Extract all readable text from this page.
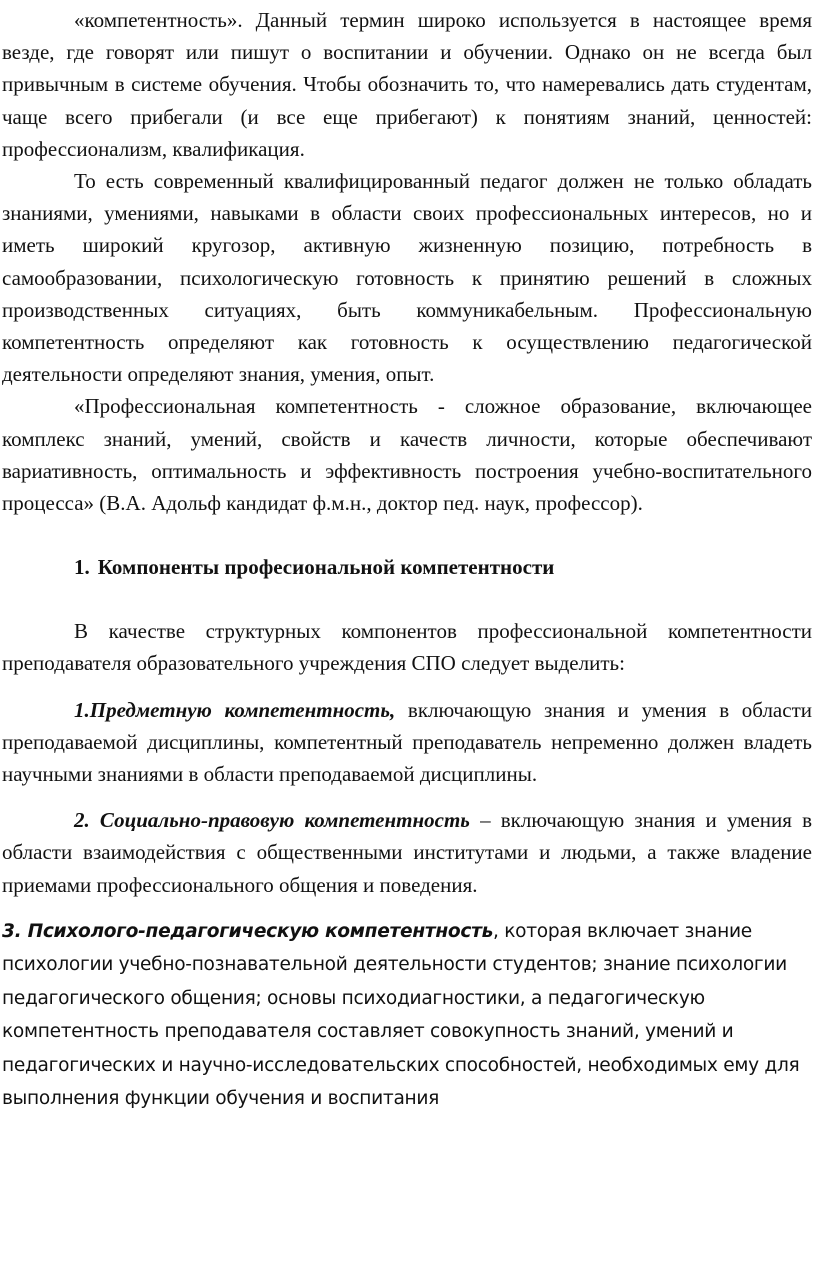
«компетентность». Данный термин широко используется в настоящее время везде, где говорят или пишут о воспитании и обучении. Однако он не всегда был привычным в системе обучения. Чтобы обозначить то, что намеревались дать студентам, чаще всего прибегали (и все еще прибегают) к понятиям знаний, ценностей: профессионализм, квалификация.

То есть современный квалифицированный педагог должен не только обладать знаниями, умениями, навыками в области своих профессиональных интересов, но и иметь широкий кругозор, активную жизненную позицию, потребность в самообразовании, психологическую готовность к принятию решений в сложных производственных ситуациях, быть коммуникабельным. Профессиональную компетентность определяют как готовность к осуществлению педагогической деятельности определяют знания, умения, опыт.

«Профессиональная компетентность - сложное образование, включающее комплекс знаний, умений, свойств и качеств личности, которые обеспечивают вариативность, оптимальность и эффективность построения учебно-воспитательного процесса» (В.А. Адольф кандидат ф.м.н., доктор пед. наук, профессор).

1. Компоненты професиональной компетентности

В качестве структурных компонентов профессиональной компетентности преподавателя образовательного учреждения СПО следует выделить:

1.Предметную компетентность, включающую знания и умения в области преподаваемой дисциплины, компетентный преподаватель непременно должен владеть научными знаниями в области преподаваемой дисциплины.

2. Социально-правовую компетентность – включающую знания и умения в области взаимодействия с общественными институтами и людьми, а также владение приемами профессионального общения и поведения.

3. Психолого-педагогическую компетентность, которая включает знание психологии учебно-познавательной деятельности студентов; знание психологии педагогического общения; основы психодиагностики, а педагогическую компетентность преподавателя составляет совокупность знаний, умений и педагогических и научно-исследовательских способностей, необходимых ему для выполнения функции обучения и воспитания
